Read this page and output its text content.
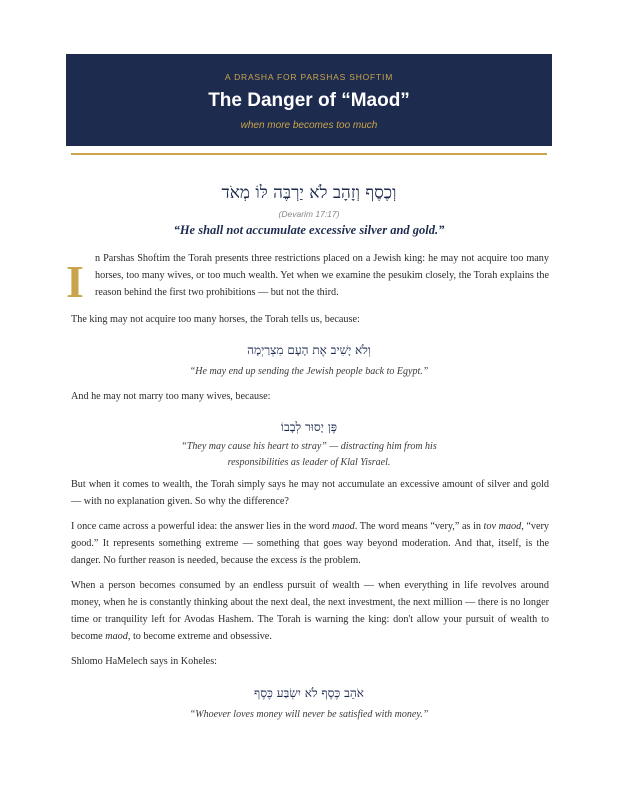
A DRASHA FOR PARSHAS SHOFTIM
The Danger of “Maod”
when more becomes too much
וְכֶסֶף וְזָהָב לֹא יַרְבֶּה לּוֹ מְאֹד
(Devarim 17:17)
“He shall not accumulate excessive silver and gold.”
I n Parshas Shoftim the Torah presents three restrictions placed on a Jewish king: he may not acquire too many horses, too many wives, or too much wealth. Yet when we examine the pesukim closely, the Torah explains the reason behind the first two prohibitions — but not the third.

The king may not acquire too many horses, the Torah tells us, because:

וְלֹא יָשִׁיב אֶת הָעָם מִצְרַיְמָה
“He may end up sending the Jewish people back to Egypt.”

And he may not marry too many wives, because:

פֶּן יָסוּר לְבָבוֹ
“They may cause his heart to stray” — distracting him from his responsibilities as leader of Klal Yisrael.

But when it comes to wealth, the Torah simply says he may not accumulate an excessive amount of silver and gold — with no explanation given. So why the difference?

I once came across a powerful idea: the answer lies in the word maod. The word means “very,” as in tov maod, “very good.” It represents something extreme — something that goes way beyond moderation. And that, itself, is the danger. No further reason is needed, because the excess is the problem.

When a person becomes consumed by an endless pursuit of wealth — when everything in life revolves around money, when he is constantly thinking about the next deal, the next investment, the next million — there is no longer time or tranquility left for Avodas Hashem. The Torah is warning the king: don't allow your pursuit of wealth to become maod, to become extreme and obsessive.

Shlomo HaMelech says in Koheles:

אֹהֵב כֶּסֶף לֹא יִשְׂבַּע כֶּסֶף
“Whoever loves money will never be satisfied with money.”
